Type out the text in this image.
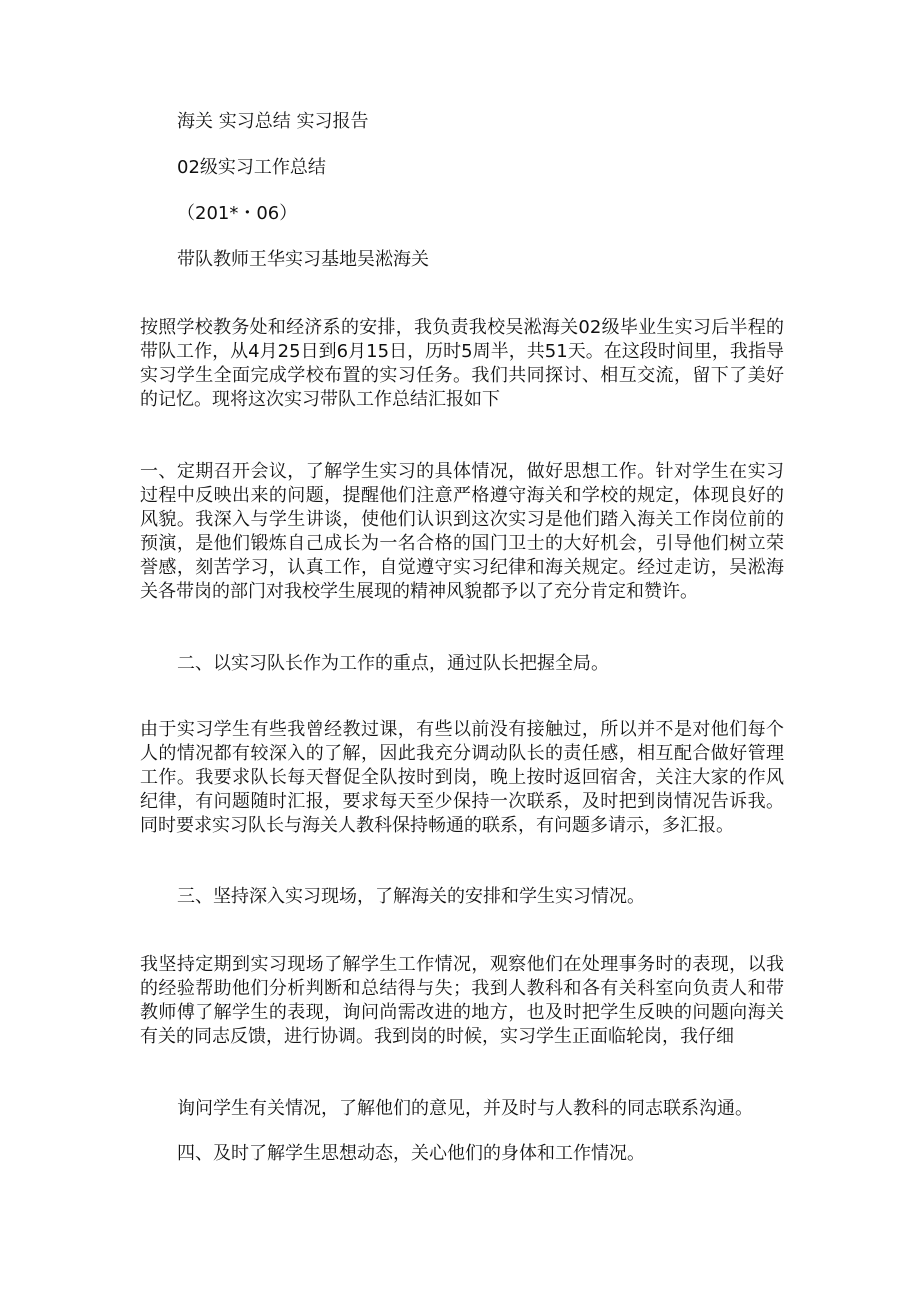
海关 实习总结 实习报告
02级实习工作总结
（201*・06）
带队教师王华实习基地吴淞海关
按照学校教务处和经济系的安排，我负责我校吴淞海关02级毕业生实习后半程的带队工作，从4月25日到6月15日，历时5周半，共51天。在这段时间里，我指导实习学生全面完成学校布置的实习任务。我们共同探讨、相互交流，留下了美好的记忆。现将这次实习带队工作总结汇报如下
一、定期召开会议，了解学生实习的具体情况，做好思想工作。针对学生在实习过程中反映出来的问题，提醒他们注意严格遵守海关和学校的规定，体现良好的风貌。我深入与学生讲谈，使他们认识到这次实习是他们踏入海关工作岗位前的预演，是他们锻炼自己成长为一名合格的国门卫士的大好机会，引导他们树立荣誉感，刻苦学习，认真工作，自觉遵守实习纪律和海关规定。经过走访，吴淞海关各带岗的部门对我校学生展现的精神风貌都予以了充分肯定和赞许。
二、以实习队长作为工作的重点，通过队长把握全局。
由于实习学生有些我曾经教过课，有些以前没有接触过，所以并不是对他们每个人的情况都有较深入的了解，因此我充分调动队长的责任感，相互配合做好管理工作。我要求队长每天督促全队按时到岗，晚上按时返回宿舍，关注大家的作风纪律，有问题随时汇报，要求每天至少保持一次联系，及时把到岗情况告诉我。同时要求实习队长与海关人教科保持畅通的联系，有问题多请示，多汇报。
三、坚持深入实习现场，了解海关的安排和学生实习情况。
我坚持定期到实习现场了解学生工作情况，观察他们在处理事务时的表现，以我的经验帮助他们分析判断和总结得与失；我到人教科和各有关科室向负责人和带教师傅了解学生的表现，询问尚需改进的地方，也及时把学生反映的问题向海关有关的同志反馈，进行协调。我到岗的时候，实习学生正面临轮岗，我仔细
询问学生有关情况，了解他们的意见，并及时与人教科的同志联系沟通。
四、及时了解学生思想动态，关心他们的身体和工作情况。
